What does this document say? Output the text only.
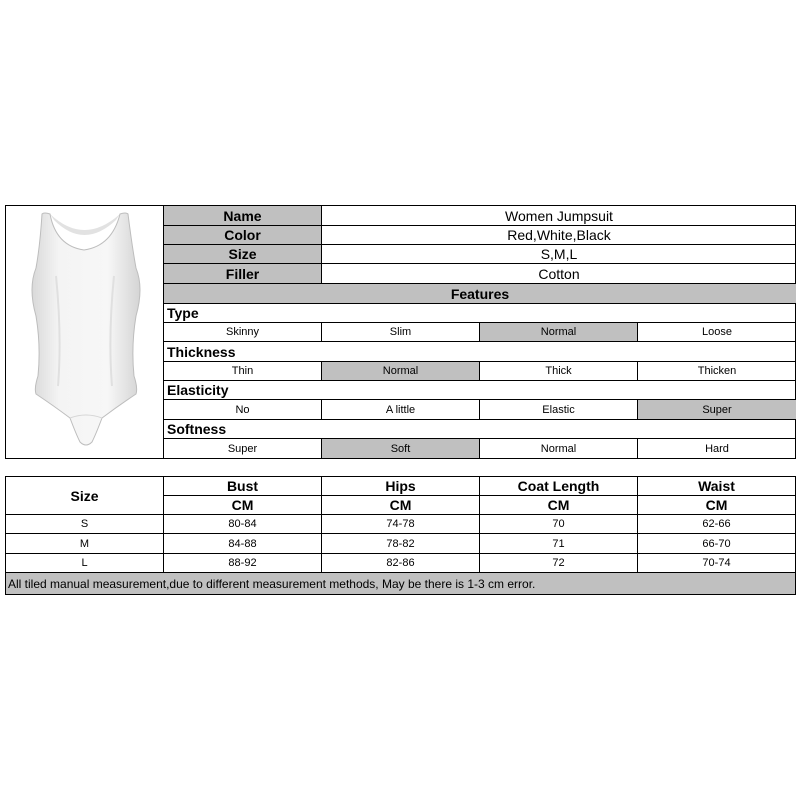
Name	Women Jumpsuit
Color	Red,White,Black
Size	S,M,L
Filler	Cotton
Features
Type
Skinny	Slim	Normal	Loose
Thickness
Thin	Normal	Thick	Thicken
Elasticity
No	A little	Elastic	Super
Softness
Super	Soft	Normal	Hard
Size
Bust	Hips	Coat Length	Waist
CM	CM	CM	CM
S	80-84	74-78	70	62-66
M	84-88	78-82	71	66-70
L	88-92	82-86	72	70-74
All tiled manual measurement,due to different measurement methods, May be there is 1-3 cm error.
